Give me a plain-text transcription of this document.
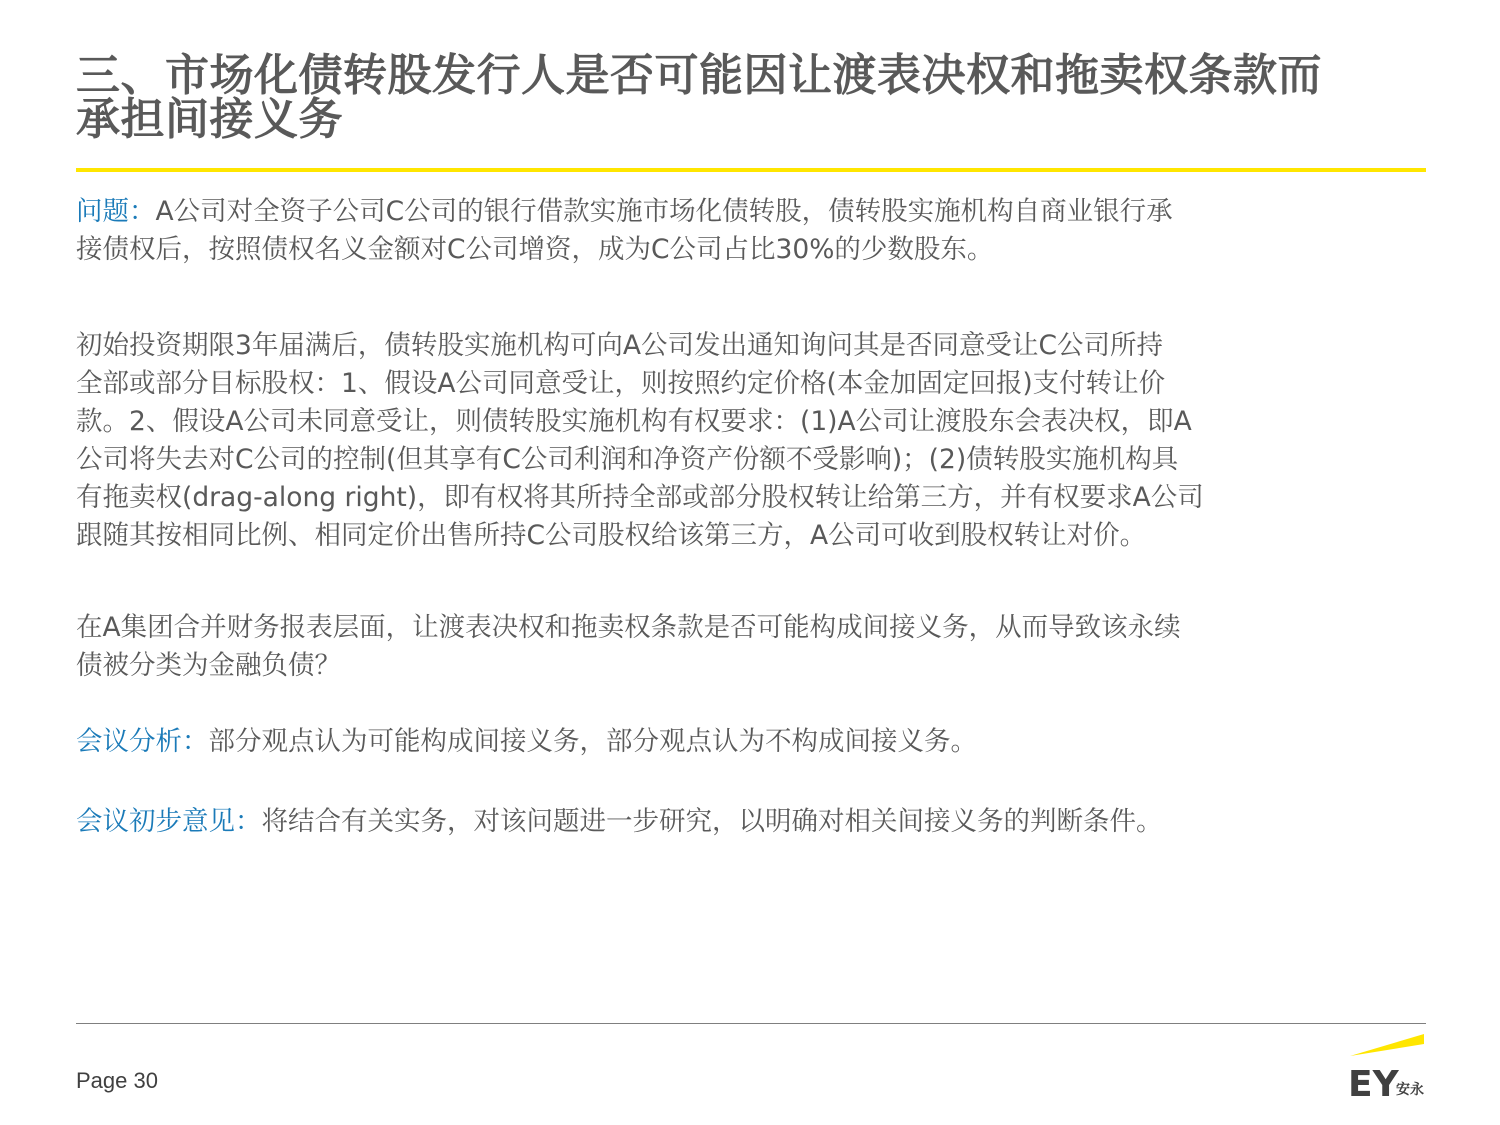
三、市场化债转股发行人是否可能因让渡表决权和拖卖权条款而
承担间接义务
问题：A公司对全资子公司C公司的银行借款实施市场化债转股，债转股实施机构自商业银行承
接债权后，按照债权名义金额对C公司增资，成为C公司占比30%的少数股东。
初始投资期限3年届满后，债转股实施机构可向A公司发出通知询问其是否同意受让C公司所持
全部或部分目标股权：1、假设A公司同意受让，则按照约定价格(本金加固定回报)支付转让价
款。2、假设A公司未同意受让，则债转股实施机构有权要求：(1)A公司让渡股东会表决权，即A
公司将失去对C公司的控制(但其享有C公司利润和净资产份额不受影响)；(2)债转股实施机构具
有拖卖权(drag-along right)，即有权将其所持全部或部分股权转让给第三方，并有权要求A公司
跟随其按相同比例、相同定价出售所持C公司股权给该第三方，A公司可收到股权转让对价。
在A集团合并财务报表层面，让渡表决权和拖卖权条款是否可能构成间接义务，从而导致该永续
债被分类为金融负债？
会议分析：部分观点认为可能构成间接义务，部分观点认为不构成间接义务。
会议初步意见：将结合有关实务，对该问题进一步研究，以明确对相关间接义务的判断条件。
Page 30	EY
安永
